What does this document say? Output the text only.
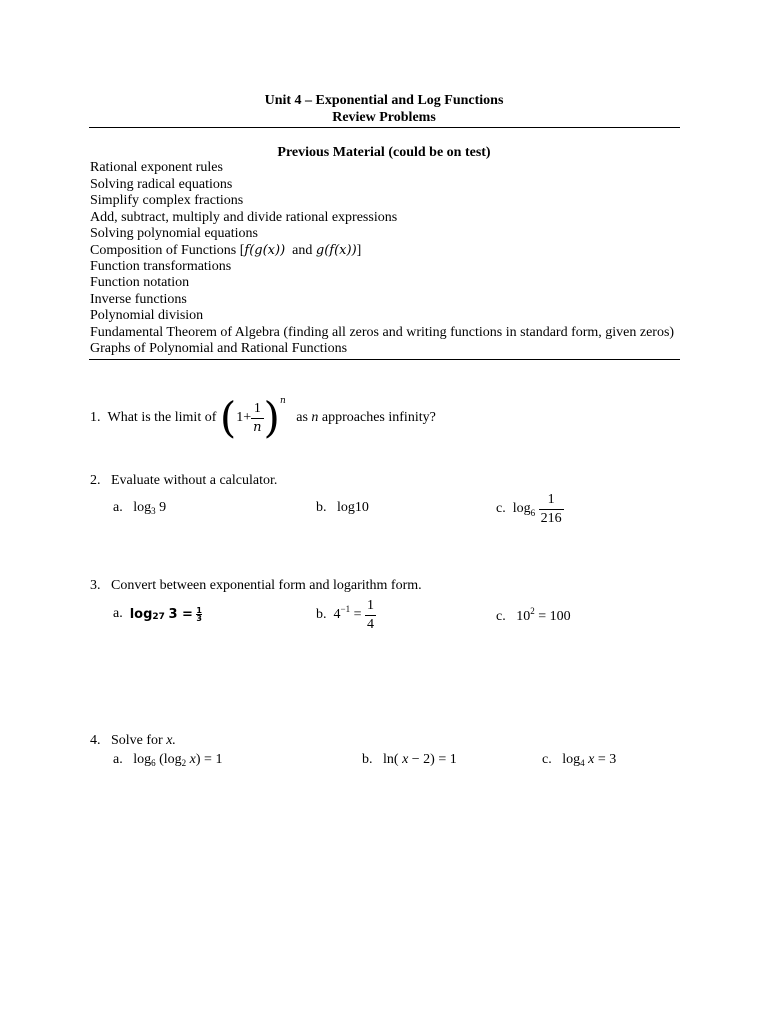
Unit 4 – Exponential and Log Functions
Review Problems
Previous Material (could be on test)
Rational exponent rules
Solving radical equations
Simplify complex fractions
Add, subtract, multiply and divide rational expressions
Solving polynomial equations
Composition of Functions [f(g(x)) and g(f(x))]
Function transformations
Function notation
Inverse functions
Polynomial division
Fundamental Theorem of Algebra (finding all zeros and writing functions in standard form, given zeros)
Graphs of Polynomial and Rational Functions
1.
What is the limit of
( $1+ \frac{1}{n}$ ) n

as
n
approaches infinity?
2. Evaluate without a calculator.
a. $\log_3 9$	b. log10	c.
$\log_6$
$\frac{1}{216}$
3. Convert between exponential form and logarithm form.
a.
$\log_{27}$
3 =
$\frac{1}{3}$	b.
$4^{-1}$
=
$\frac{1}{4}$	c. $10^2 = 100$
4. Solve for x.
a. $\log_6 (\log_2$ x) = 1	b. ln( x − 2) = 1	c. $\log_4 x = 3$
